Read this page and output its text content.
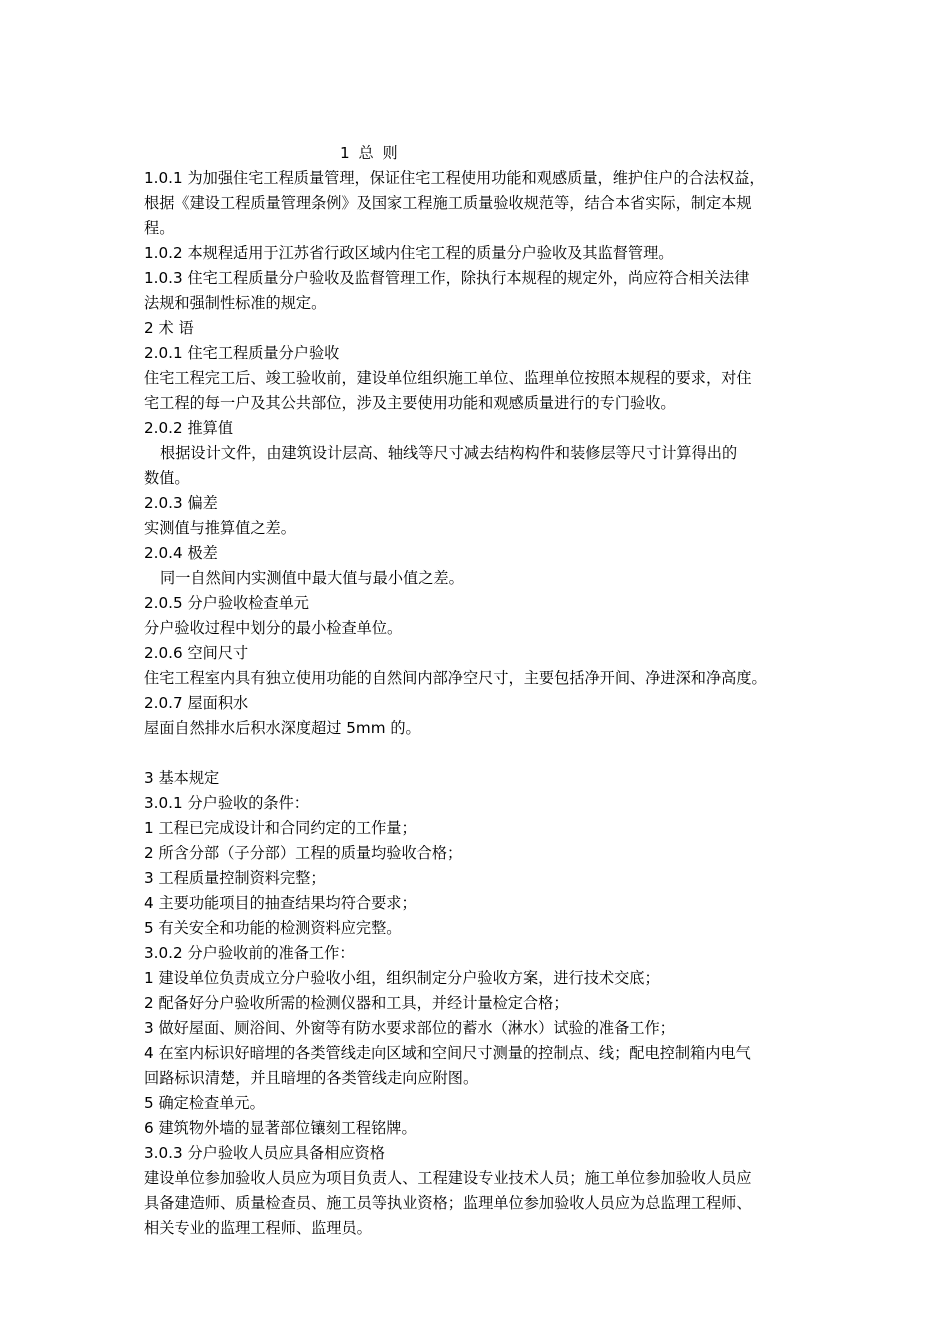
1 总 则
1.0.1 为加强住宅工程质量管理，保证住宅工程使用功能和观感质量，维护住户的合法权益，
根据《建设工程质量管理条例》及国家工程施工质量验收规范等，结合本省实际，制定本规
程。
1.0.2 本规程适用于江苏省行政区域内住宅工程的质量分户验收及其监督管理。
1.0.3 住宅工程质量分户验收及监督管理工作，除执行本规程的规定外，尚应符合相关法律
法规和强制性标准的规定。
2 术 语
2.0.1 住宅工程质量分户验收
住宅工程完工后、竣工验收前，建设单位组织施工单位、监理单位按照本规程的要求，对住
宅工程的每一户及其公共部位，涉及主要使用功能和观感质量进行的专门验收。
2.0.2 推算值
根据设计文件，由建筑设计层高、轴线等尺寸减去结构构件和装修层等尺寸计算得出的
数值。
2.0.3 偏差
实测值与推算值之差。
2.0.4 极差
同一自然间内实测值中最大值与最小值之差。
2.0.5 分户验收检查单元
分户验收过程中划分的最小检查单位。
2.0.6 空间尺寸
住宅工程室内具有独立使用功能的自然间内部净空尺寸，主要包括净开间、净进深和净高度。
2.0.7 屋面积水
屋面自然排水后积水深度超过 5mm 的。
3 基本规定
3.0.1 分户验收的条件：
1 工程已完成设计和合同约定的工作量；
2 所含分部（子分部）工程的质量均验收合格；
3 工程质量控制资料完整；
4 主要功能项目的抽查结果均符合要求；
5 有关安全和功能的检测资料应完整。
3.0.2 分户验收前的准备工作：
1 建设单位负责成立分户验收小组，组织制定分户验收方案，进行技术交底；
2 配备好分户验收所需的检测仪器和工具，并经计量检定合格；
3 做好屋面、厕浴间、外窗等有防水要求部位的蓄水（淋水）试验的准备工作；
4 在室内标识好暗埋的各类管线走向区域和空间尺寸测量的控制点、线；配电控制箱内电气
回路标识清楚，并且暗埋的各类管线走向应附图。
5 确定检查单元。
6 建筑物外墙的显著部位镶刻工程铭牌。
3.0.3 分户验收人员应具备相应资格
建设单位参加验收人员应为项目负责人、工程建设专业技术人员；施工单位参加验收人员应
具备建造师、质量检查员、施工员等执业资格；监理单位参加验收人员应为总监理工程师、
相关专业的监理工程师、监理员。
